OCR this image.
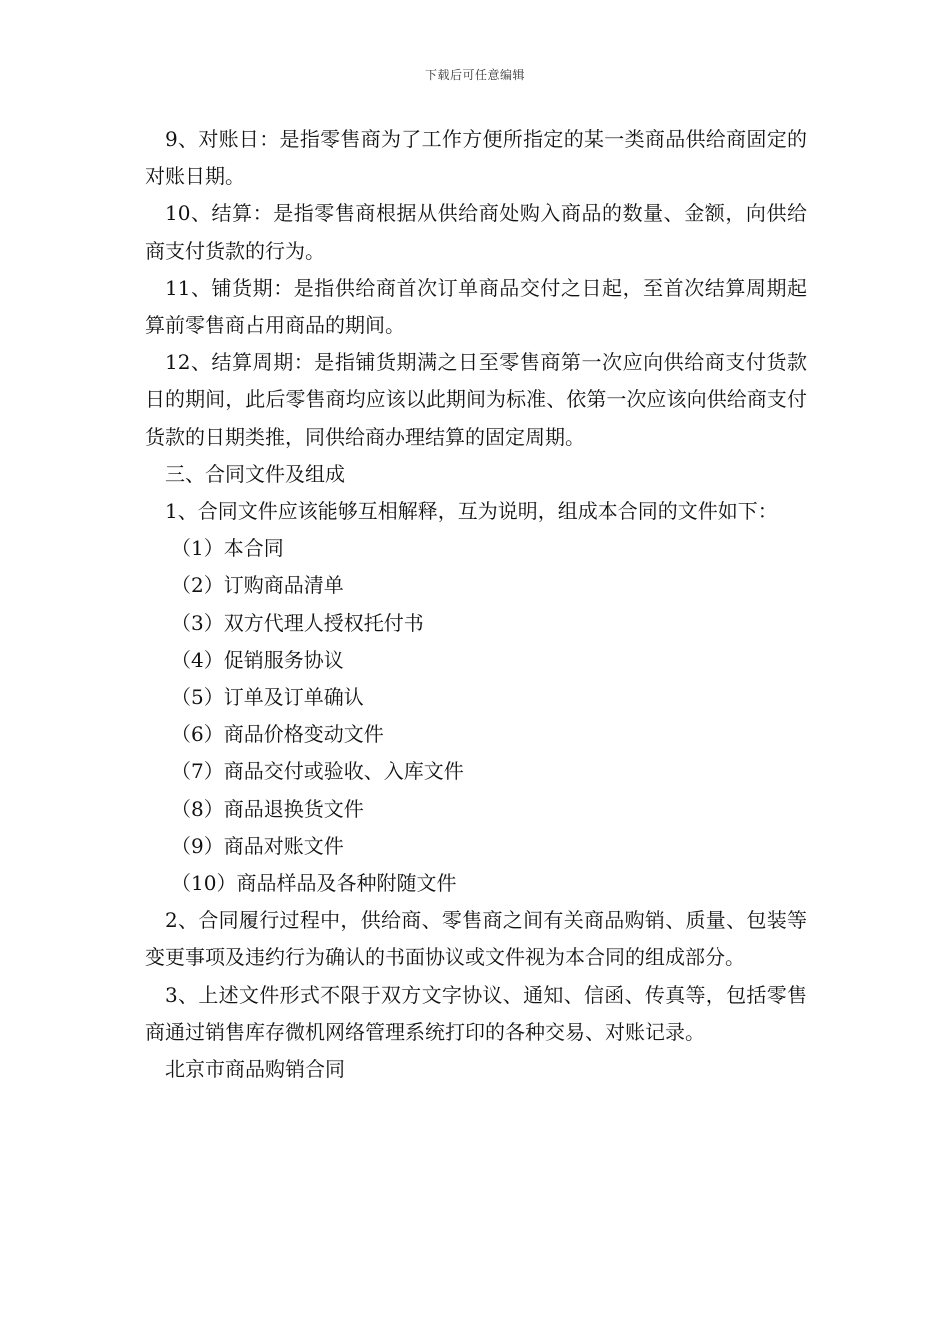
下载后可任意编辑

9、对账日：是指零售商为了工作方便所指定的某一类商品供给商固定的对账日期。

10、结算：是指零售商根据从供给商处购入商品的数量、金额，向供给商支付货款的行为。

11、铺货期：是指供给商首次订单商品交付之日起，至首次结算周期起算前零售商占用商品的期间。

12、结算周期：是指铺货期满之日至零售商第一次应向供给商支付货款日的期间，此后零售商均应该以此期间为标准、依第一次应该向供给商支付货款的日期类推，同供给商办理结算的固定周期。

三、合同文件及组成

1、合同文件应该能够互相解释，互为说明，组成本合同的文件如下：

（1）本合同

（2）订购商品清单

（3）双方代理人授权托付书

（4）促销服务协议

（5）订单及订单确认

（6）商品价格变动文件

（7）商品交付或验收、入库文件

（8）商品退换货文件

（9）商品对账文件

（10）商品样品及各种附随文件

2、合同履行过程中，供给商、零售商之间有关商品购销、质量、包装等变更事项及违约行为确认的书面协议或文件视为本合同的组成部分。

3、上述文件形式不限于双方文字协议、通知、信函、传真等，包括零售商通过销售库存微机网络管理系统打印的各种交易、对账记录。

北京市商品购销合同
